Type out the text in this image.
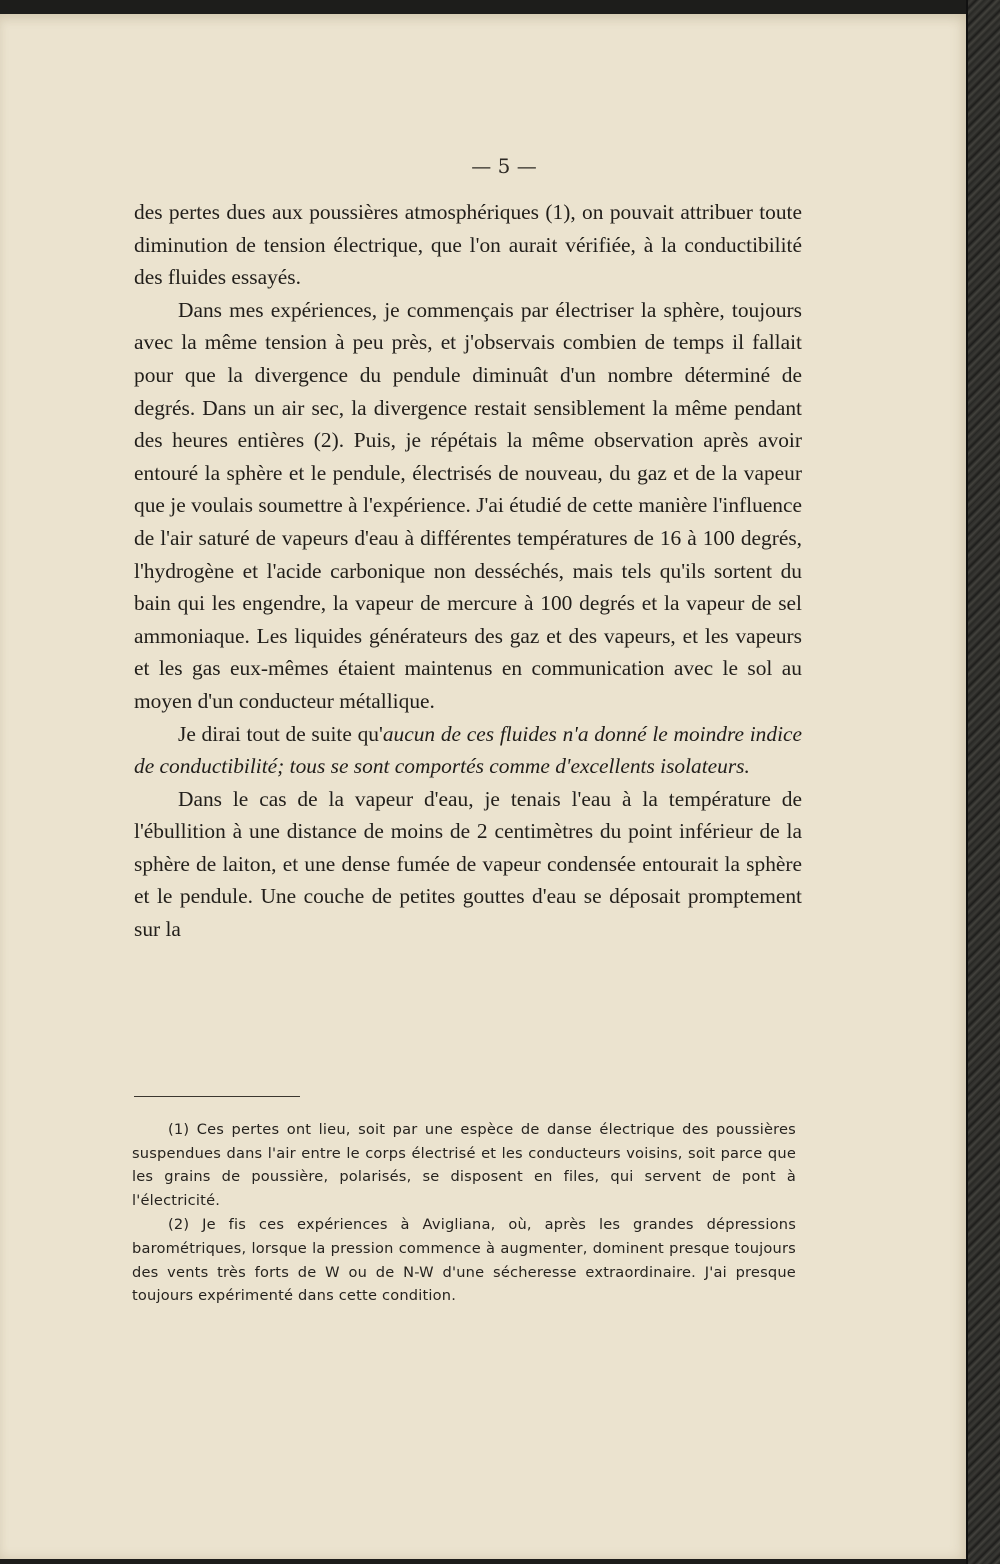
— 5 —

des pertes dues aux poussières atmosphériques (1), on pouvait attribuer toute diminution de tension électrique, que l'on aurait vérifiée, à la conductibilité des fluides essayés.

Dans mes expériences, je commençais par électriser la sphère, toujours avec la même tension à peu près, et j'observais combien de temps il fallait pour que la divergence du pendule diminuât d'un nombre déterminé de degrés. Dans un air sec, la divergence restait sensiblement la même pendant des heures entières (2). Puis, je répétais la même observation après avoir entouré la sphère et le pendule, électrisés de nouveau, du gaz et de la vapeur que je voulais soumettre à l'expérience. J'ai étudié de cette manière l'influence de l'air saturé de vapeurs d'eau à différentes températures de 16 à 100 degrés, l'hydrogène et l'acide carbonique non desséchés, mais tels qu'ils sortent du bain qui les engendre, la vapeur de mercure à 100 degrés et la vapeur de sel ammoniaque. Les liquides générateurs des gaz et des vapeurs, et les vapeurs et les gas eux-mêmes étaient maintenus en communication avec le sol au moyen d'un conducteur métallique.

Je dirai tout de suite qu'aucun de ces fluides n'a donné le moindre indice de conductibilité; tous se sont comportés comme d'excellents isolateurs.

Dans le cas de la vapeur d'eau, je tenais l'eau à la température de l'ébullition à une distance de moins de 2 centimètres du point inférieur de la sphère de laiton, et une dense fumée de vapeur condensée entourait la sphère et le pendule. Une couche de petites gouttes d'eau se déposait promptement sur la

(1) Ces pertes ont lieu, soit par une espèce de danse électrique des poussières suspendues dans l'air entre le corps électrisé et les conducteurs voisins, soit parce que les grains de poussière, polarisés, se disposent en files, qui servent de pont à l'électricité.

(2) Je fis ces expériences à Avigliana, où, après les grandes dépressions barométriques, lorsque la pression commence à augmenter, dominent presque toujours des vents très forts de W ou de N-W d'une sécheresse extraordinaire. J'ai presque toujours expérimenté dans cette condition.
